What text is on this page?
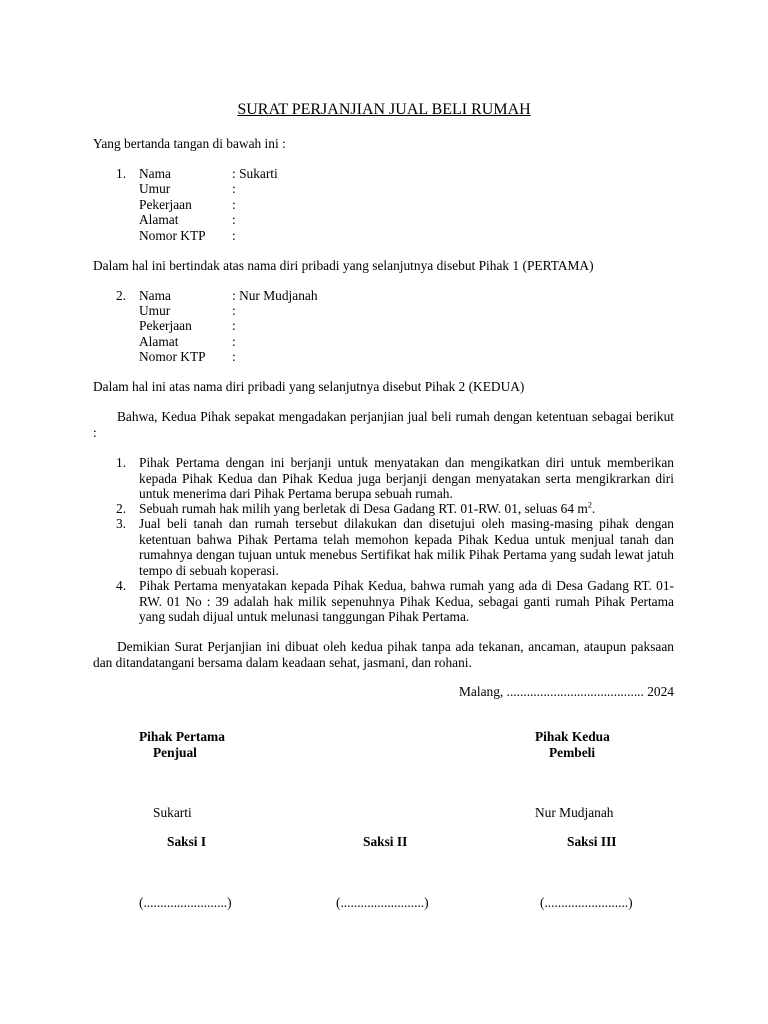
SURAT PERJANJIAN JUAL BELI RUMAH
Yang bertanda tangan di bawah ini :
1. Nama	: Sukarti
Umur	:
Pekerjaan	:
Alamat	:
Nomor KTP :
Dalam hal ini bertindak atas nama diri pribadi yang selanjutnya disebut Pihak 1 (PERTAMA)
2. Nama	: Nur Mudjanah
Umur	:
Pekerjaan	:
Alamat	:
Nomor KTP :
Dalam hal ini atas nama diri pribadi yang selanjutnya disebut Pihak 2 (KEDUA)
Bahwa, Kedua Pihak sepakat mengadakan perjanjian jual beli rumah dengan ketentuan sebagai berikut :
1. Pihak Pertama dengan ini berjanji untuk menyatakan dan mengikatkan diri untuk memberikan kepada Pihak Kedua dan Pihak Kedua juga berjanji dengan menyatakan serta mengikrarkan diri untuk menerima dari Pihak Pertama berupa sebuah rumah.
2. Sebuah rumah hak milih yang berletak di Desa Gadang RT. 01-RW. 01, seluas 64 $m^2$.
3. Jual beli tanah dan rumah tersebut dilakukan dan disetujui oleh masing-masing pihak dengan ketentuan bahwa Pihak Pertama telah memohon kepada Pihak Kedua untuk menjual tanah dan rumahnya dengan tujuan untuk menebus Sertifikat hak milik Pihak Pertama yang sudah lewat jatuh tempo di sebuah koperasi.
4. Pihak Pertama menyatakan kepada Pihak Kedua, bahwa rumah yang ada di Desa Gadang RT. 01-RW. 01 No : 39 adalah hak milik sepenuhnya Pihak Kedua, sebagai ganti rumah Pihak Pertama yang sudah dijual untuk melunasi tanggungan Pihak Pertama.
Demikian Surat Perjanjian ini dibuat oleh kedua pihak tanpa ada tekanan, ancaman, ataupun paksaan dan ditandatangani bersama dalam keadaan sehat, jasmani, dan rohani.
Malang, ......................................... 2024
Pihak Pertama
Penjual
Sukarti
Pihak Kedua
Pembeli
Nur Mudjanah
Saksi I	Saksi II	Saksi III
(.........................)	(.........................)	(.........................)
